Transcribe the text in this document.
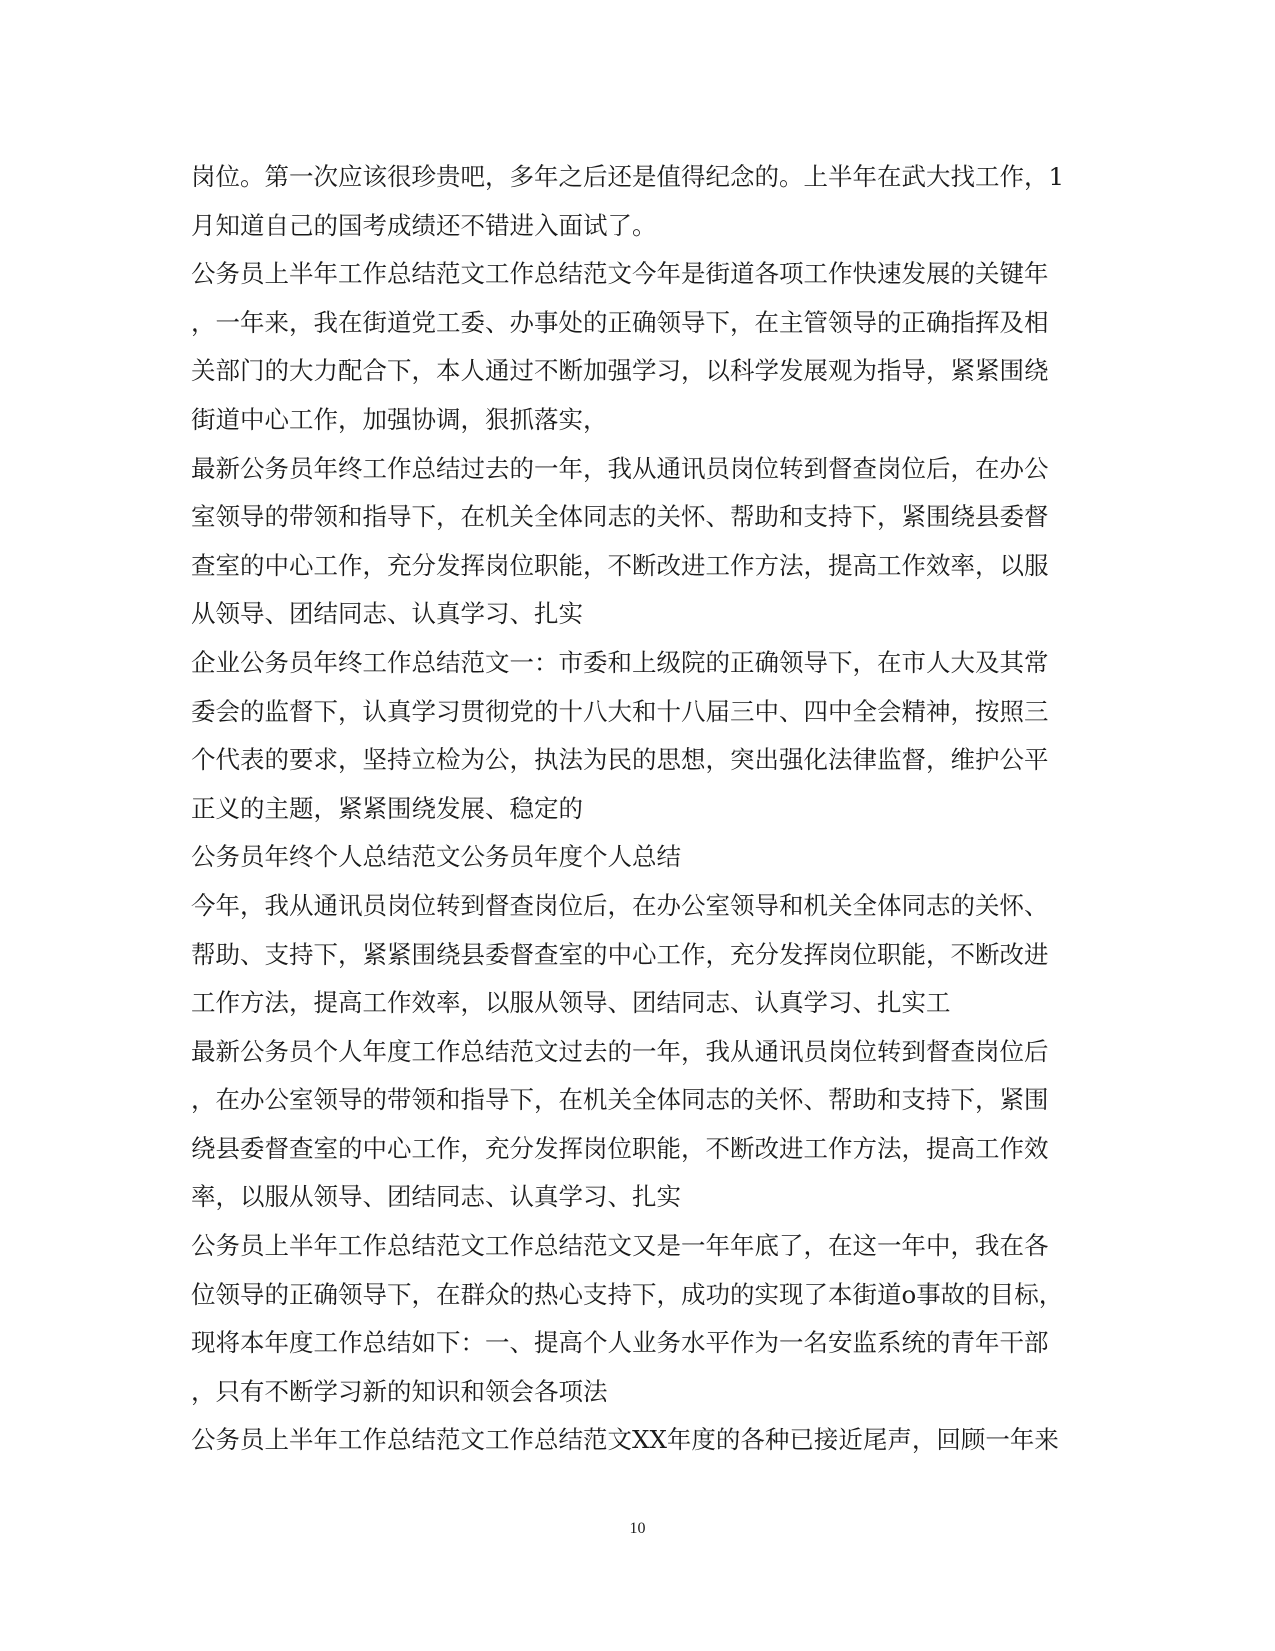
岗位。第一次应该很珍贵吧，多年之后还是值得纪念的。上半年在武大找工作，1
月知道自己的国考成绩还不错进入面试了。
公务员上半年工作总结范文工作总结范文今年是街道各项工作快速发展的关键年
，一年来，我在街道党工委、办事处的正确领导下，在主管领导的正确指挥及相
关部门的大力配合下，本人通过不断加强学习，以科学发展观为指导，紧紧围绕
街道中心工作，加强协调，狠抓落实，
最新公务员年终工作总结过去的一年，我从通讯员岗位转到督查岗位后，在办公
室领导的带领和指导下，在机关全体同志的关怀、帮助和支持下，紧围绕县委督
查室的中心工作，充分发挥岗位职能，不断改进工作方法，提高工作效率，以服
从领导、团结同志、认真学习、扎实
企业公务员年终工作总结范文一：市委和上级院的正确领导下，在市人大及其常
委会的监督下，认真学习贯彻党的十八大和十八届三中、四中全会精神，按照三
个代表的要求，坚持立检为公，执法为民的思想，突出强化法律监督，维护公平
正义的主题，紧紧围绕发展、稳定的
公务员年终个人总结范文公务员年度个人总结
今年，我从通讯员岗位转到督查岗位后，在办公室领导和机关全体同志的关怀、
帮助、支持下，紧紧围绕县委督查室的中心工作，充分发挥岗位职能，不断改进
工作方法，提高工作效率，以服从领导、团结同志、认真学习、扎实工
最新公务员个人年度工作总结范文过去的一年，我从通讯员岗位转到督查岗位后
，在办公室领导的带领和指导下，在机关全体同志的关怀、帮助和支持下，紧围
绕县委督查室的中心工作，充分发挥岗位职能，不断改进工作方法，提高工作效
率，以服从领导、团结同志、认真学习、扎实
公务员上半年工作总结范文工作总结范文又是一年年底了，在这一年中，我在各
位领导的正确领导下，在群众的热心支持下，成功的实现了本街道o事故的目标，
现将本年度工作总结如下：一、提高个人业务水平作为一名安监系统的青年干部
，只有不断学习新的知识和领会各项法
公务员上半年工作总结范文工作总结范文XX年度的各种已接近尾声，回顾一年来
10
